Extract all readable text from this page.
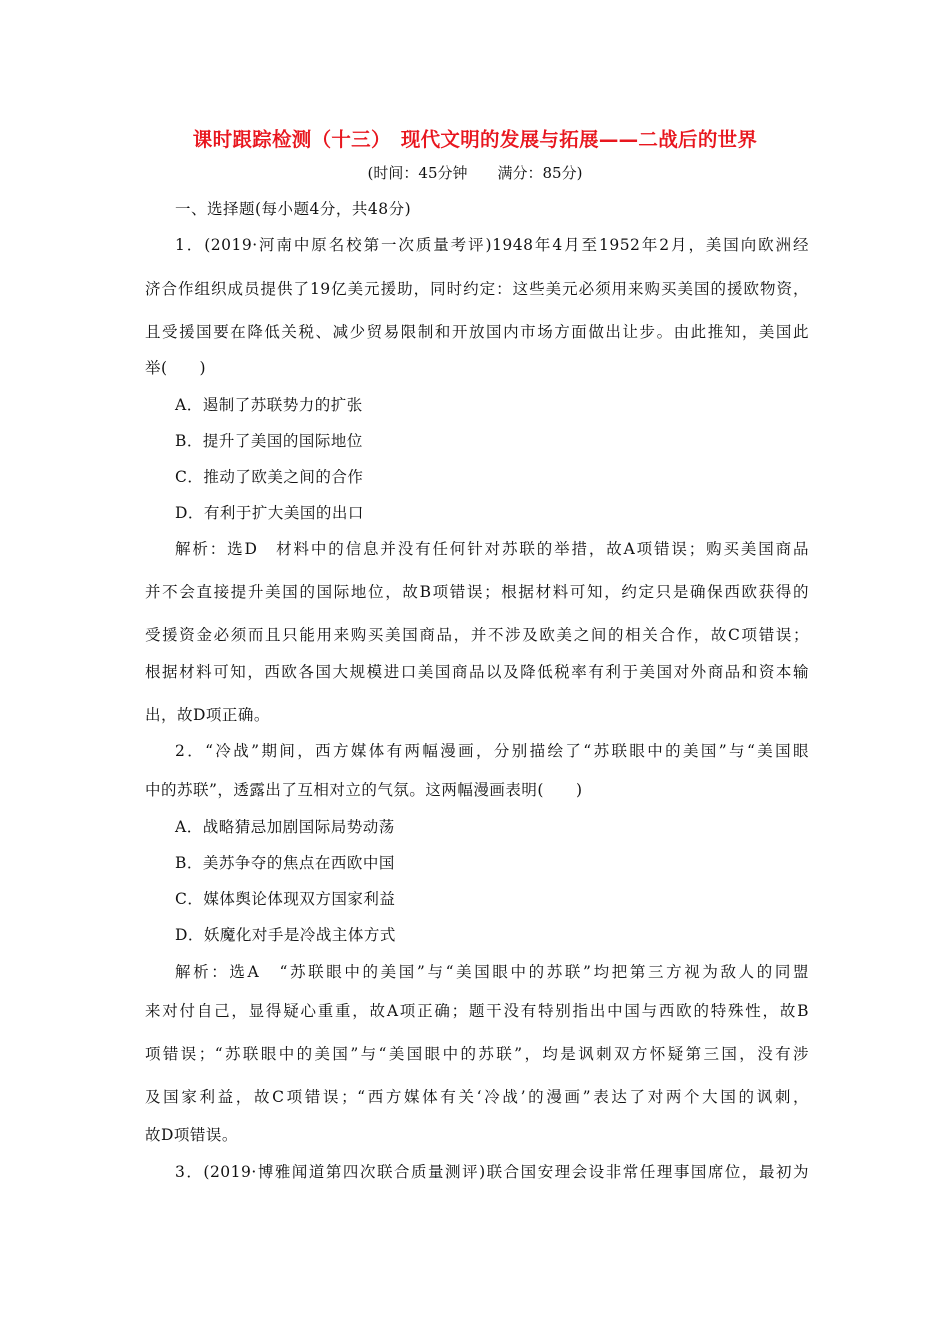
课时跟踪检测（十三）　现代文明的发展与拓展——二战后的世界
(时间：45分钟　　满分：85分)
一、选择题(每小题4分，共48分)
1．(2019·河南中原名校第一次质量考评)1948年4月至1952年2月，美国向欧洲经
济合作组织成员提供了19亿美元援助，同时约定：这些美元必须用来购买美国的援欧物资，
且受援国要在降低关税、减少贸易限制和开放国内市场方面做出让步。由此推知，美国此
举(　　)
A．遏制了苏联势力的扩张
B．提升了美国的国际地位
C．推动了欧美之间的合作
D．有利于扩大美国的出口
解析：选D　材料中的信息并没有任何针对苏联的举措，故A项错误；购买美国商品
并不会直接提升美国的国际地位，故B项错误；根据材料可知，约定只是确保西欧获得的
受援资金必须而且只能用来购买美国商品，并不涉及欧美之间的相关合作，故C项错误；
根据材料可知，西欧各国大规模进口美国商品以及降低税率有利于美国对外商品和资本输
出，故D项正确。
2．“冷战”期间，西方媒体有两幅漫画，分别描绘了“苏联眼中的美国”与“美国眼
中的苏联”，透露出了互相对立的气氛。这两幅漫画表明(　　)
A．战略猜忌加剧国际局势动荡
B．美苏争夺的焦点在西欧中国
C．媒体舆论体现双方国家利益
D．妖魔化对手是冷战主体方式
解析：选A　“苏联眼中的美国”与“美国眼中的苏联”均把第三方视为敌人的同盟
来对付自己，显得疑心重重，故A项正确；题干没有特别指出中国与西欧的特殊性，故B
项错误；“苏联眼中的美国”与“美国眼中的苏联”，均是讽刺双方怀疑第三国，没有涉
及国家利益，故C项错误；“西方媒体有关‘冷战’的漫画”表达了对两个大国的讽刺，
故D项错误。
3．(2019·博雅闻道第四次联合质量测评)联合国安理会设非常任理事国席位，最初为
